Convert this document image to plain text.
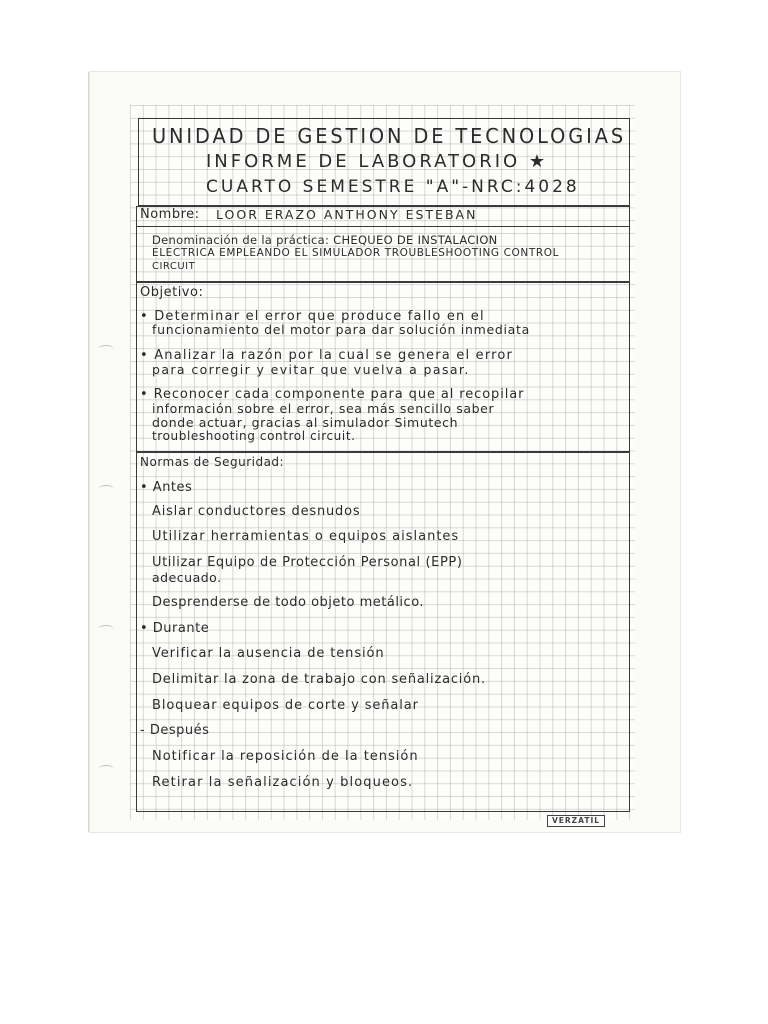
UNIDAD DE GESTION DE TECNOLOGIAS
INFORME DE LABORATORIO ★
CUARTO SEMESTRE "A"-NRC:4028
Nombre: LOOR ERAZO ANTHONY ESTEBAN
Denominación de la práctica: CHEQUEO DE INSTALACION
ELECTRICA EMPLEANDO EL SIMULADOR TROUBLESHOOTING CONTROL
CIRCUIT
Objetivo:
• Determinar el error que produce fallo en el
funcionamiento del motor para dar solución inmediata
• Analizar la razón por la cual se genera el error
para corregir y evitar que vuelva a pasar.
• Reconocer cada componente para que al recopilar
información sobre el error, sea más sencillo saber
donde actuar, gracias al simulador Simutech
troubleshooting control circuit.
Normas de Seguridad:
• Antes
Aislar conductores desnudos
Utilizar herramientas o equipos aislantes
Utilizar Equipo de Protección Personal (EPP)
adecuado.
Desprenderse de todo objeto metálico.
• Durante
Verificar la ausencia de tensión
Delimitar la zona de trabajo con señalización.
Bloquear equipos de corte y señalar
- Después
Notificar la reposición de la tensión
Retirar la señalización y bloqueos.
VERZATIL
